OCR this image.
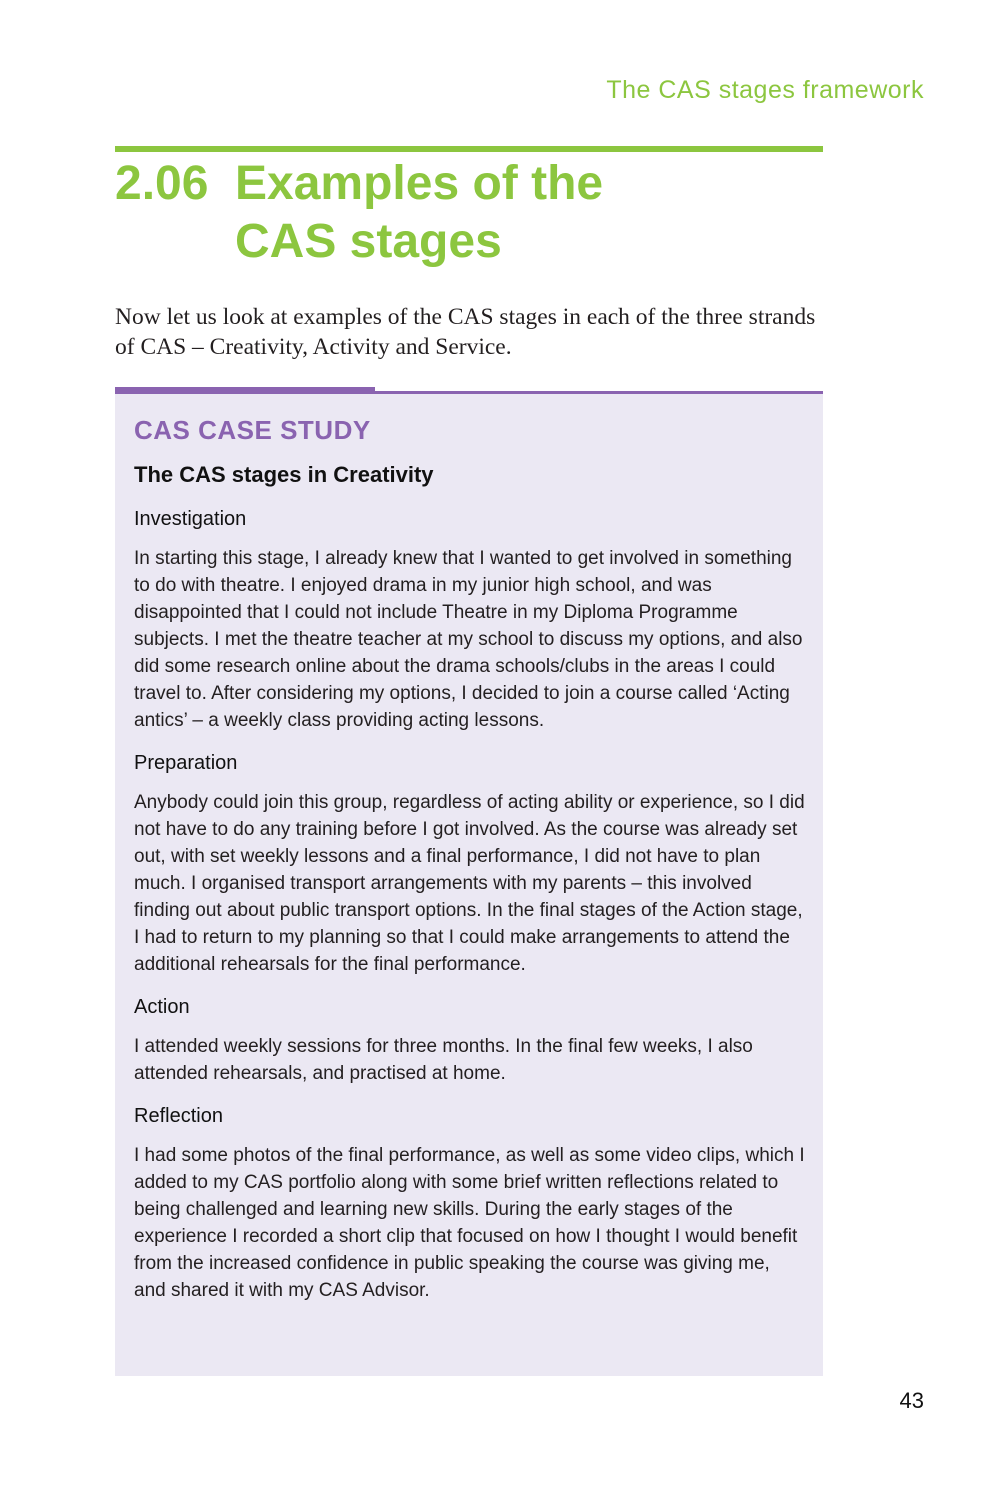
The CAS stages framework
2.06 Examples of the
CAS stages

Now let us look at examples of the CAS stages in each of the three strands of CAS – Creativity, Activity and Service.

CAS CASE STUDY
The CAS stages in Creativity
Investigation

In starting this stage, I already knew that I wanted to get involved in something to do with theatre. I enjoyed drama in my junior high school, and was disappointed that I could not include Theatre in my Diploma Programme subjects. I met the theatre teacher at my school to discuss my options, and also did some research online about the drama schools/clubs in the areas I could travel to. After considering my options, I decided to join a course called ‘Acting antics’ – a weekly class providing acting lessons.

Preparation

Anybody could join this group, regardless of acting ability or experience, so I did not have to do any training before I got involved. As the course was already set out, with set weekly lessons and a final performance, I did not have to plan much. I organised transport arrangements with my parents – this involved finding out about public transport options. In the final stages of the Action stage, I had to return to my planning so that I could make arrangements to attend the additional rehearsals for the final performance.

Action

I attended weekly sessions for three months. In the final few weeks, I also attended rehearsals, and practised at home.

Reflection

I had some photos of the final performance, as well as some video clips, which I added to my CAS portfolio along with some brief written reflections related to being challenged and learning new skills. During the early stages of the experience I recorded a short clip that focused on how I thought I would benefit from the increased confidence in public speaking the course was giving me, and shared it with my CAS Advisor.

43
